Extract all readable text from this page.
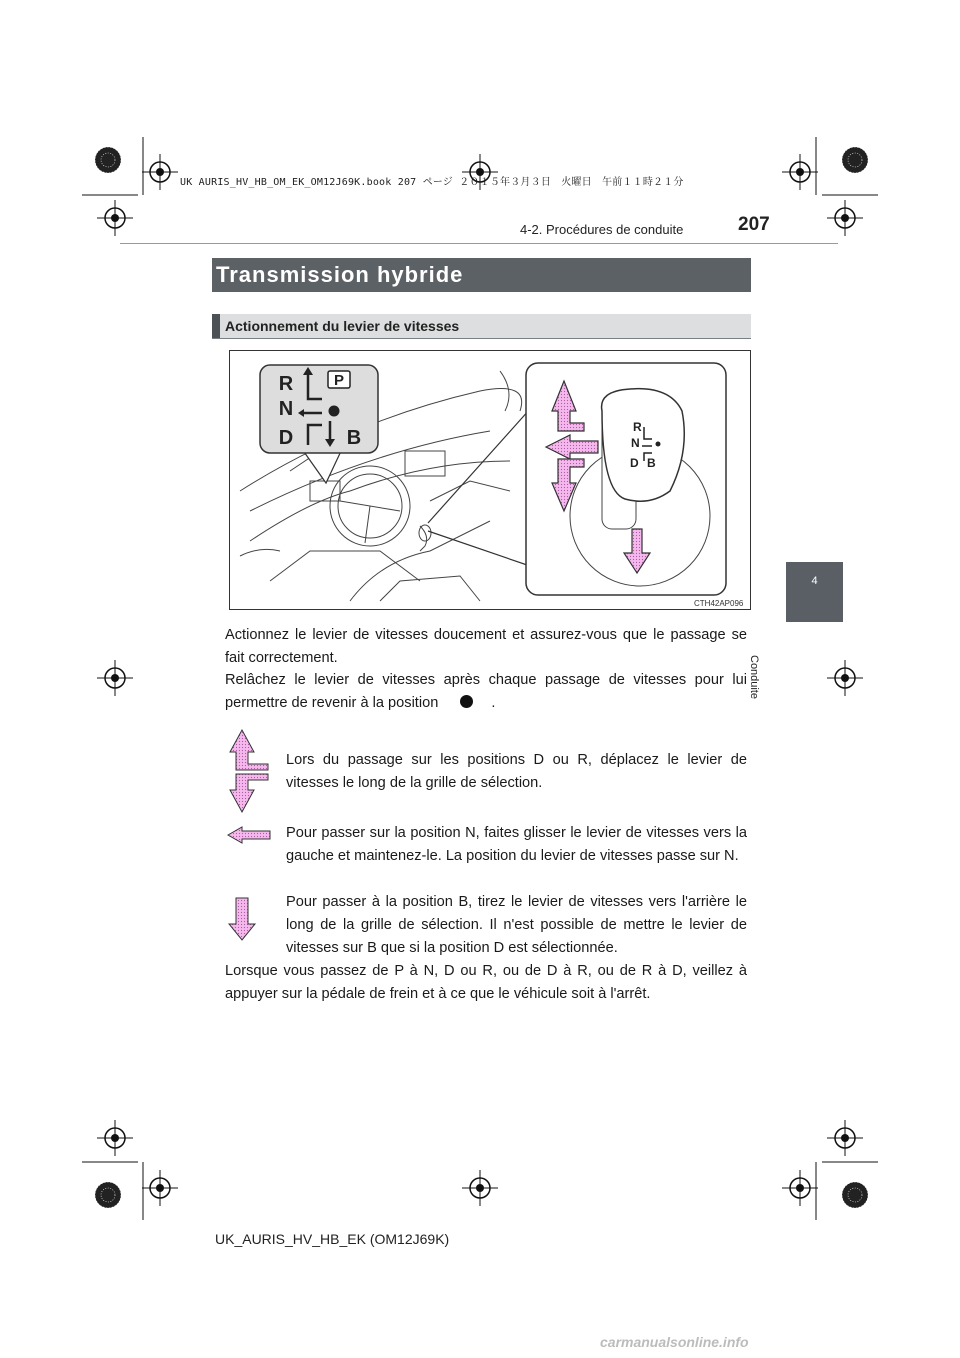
UK AURIS_HV_HB_OM_EK_OM12J69K.book 207 ページ ２０１５年３月３日　火曜日　午前１１時２１分
4-2. Procédures de conduite	207
4
Conduite
Transmission hybride
Actionnement du levier de vitesses
P
R
N
D	B	R
N
D B
CTH42AP096
Actionnez le levier de vitesses doucement et assurez-vous que le passage se fait correctement.
Relâchez le levier de vitesses après chaque passage de vitesses pour lui permettre de revenir à la position	.
Lors du passage sur les positions D ou R, déplacez le levier de vitesses le long de la grille de sélection.
Pour passer sur la position N, faites glisser le levier de vitesses vers la gauche et maintenez-le. La position du levier de vitesses passe sur N.
Pour passer à la position B, tirez le levier de vitesses vers l'arrière le long de la grille de sélection. Il n'est possible de mettre le levier de vitesses sur B que si la position D est sélectionnée.
Lorsque vous passez de P à N, D ou R, ou de D à R, ou de R à D, veillez à appuyer sur la pédale de frein et à ce que le véhicule soit à l'arrêt.
UK_AURIS_HV_HB_EK (OM12J69K)
carmanualsonline.info
